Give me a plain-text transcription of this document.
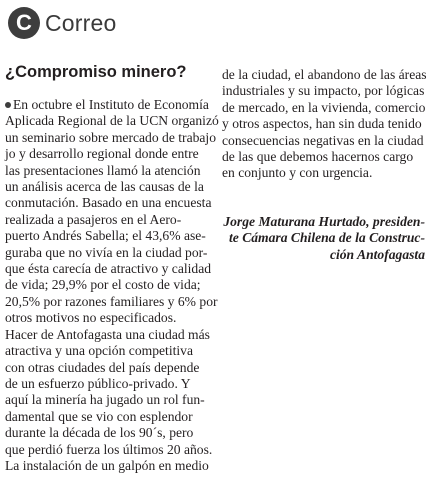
C Correo
¿Compromiso minero?
En octubre el Instituto de Economía
Aplicada Regional de la UCN organizó
un seminario sobre mercado de trabajo
jo y desarrollo regional donde entre
las presentaciones llamó la atención
un análisis acerca de las causas de la
conmutación. Basado en una encuesta
realizada a pasajeros en el Aero-
puerto Andrés Sabella; el 43,6% ase-
guraba que no vivía en la ciudad por-
que ésta carecía de atractivo y calidad
de vida; 29,9% por el costo de vida;
20,5% por razones familiares y 6% por
otros motivos no especificados.
Hacer de Antofagasta una ciudad más
atractiva y una opción competitiva
con otras ciudades del país depende
de un esfuerzo público-privado. Y
aquí la minería ha jugado un rol fun-
damental que se vio con esplendor
durante la década de los 90´s, pero
que perdió fuerza los últimos 20 años.
La instalación de un galpón en medio
de la ciudad, el abandono de las áreas
industriales y su impacto, por lógicas
de mercado, en la vivienda, comercio
y otros aspectos, han sin duda tenido
consecuencias negativas en la ciudad
de las que debemos hacernos cargo
en conjunto y con urgencia.
Jorge Maturana Hurtado, presiden-
te Cámara Chilena de la Construc-
ción Antofagasta
